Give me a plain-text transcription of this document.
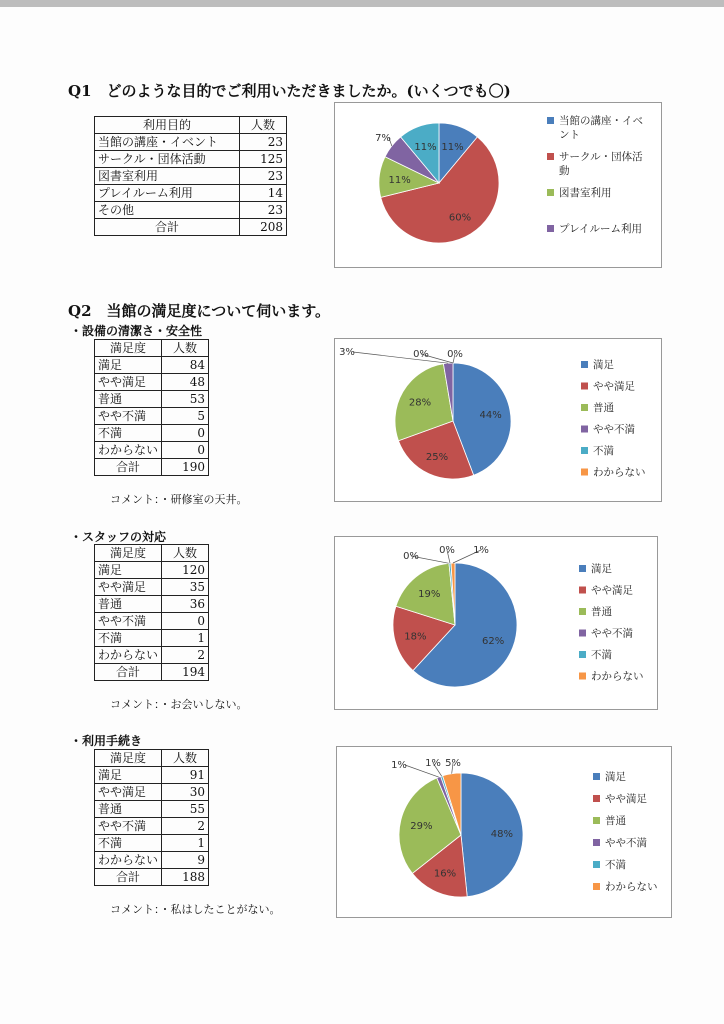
Q1　どのような目的でご利用いただきましたか。(いくつでも〇)
利用目的	人数
当館の講座・イベント	23
サークル・団体活動	125
図書室利用	23
プレイルーム利用	14
その他	23
合計	208
11%
60%
11%
7%
11%
当館の講座・イベ
ント
サークル・団体活
動
図書室利用
プレイルーム利用
Q2　当館の満足度について伺います。
・設備の清潔さ・安全性
満足度	人数
満足	84
やや満足	48
普通	53
やや不満	5
不満	0
わからない	0
合計	190

コメント：・研修室の天井。

44%
25%
28%
3%	0% 0%
満足
やや満足
普通
やや不満
不満
わからない
・スタッフの対応
満足度	人数
満足	120
やや満足	35
普通	36
やや不満	0
不満	1
わからない	2
合計	194

コメント：・お会いしない。

62%
18%
19%
0%
0% 1%
満足
やや満足
普通
やや不満
不満
わからない
・利用手続き
満足度	人数
満足	91
やや満足	30
普通	55
やや不満	2
不満	1
わからない	9
合計	188

コメント：・私はしたことがない。

48%
16%
29%
1% 1% 5%
満足
やや満足
普通
やや不満
不満
わからない
